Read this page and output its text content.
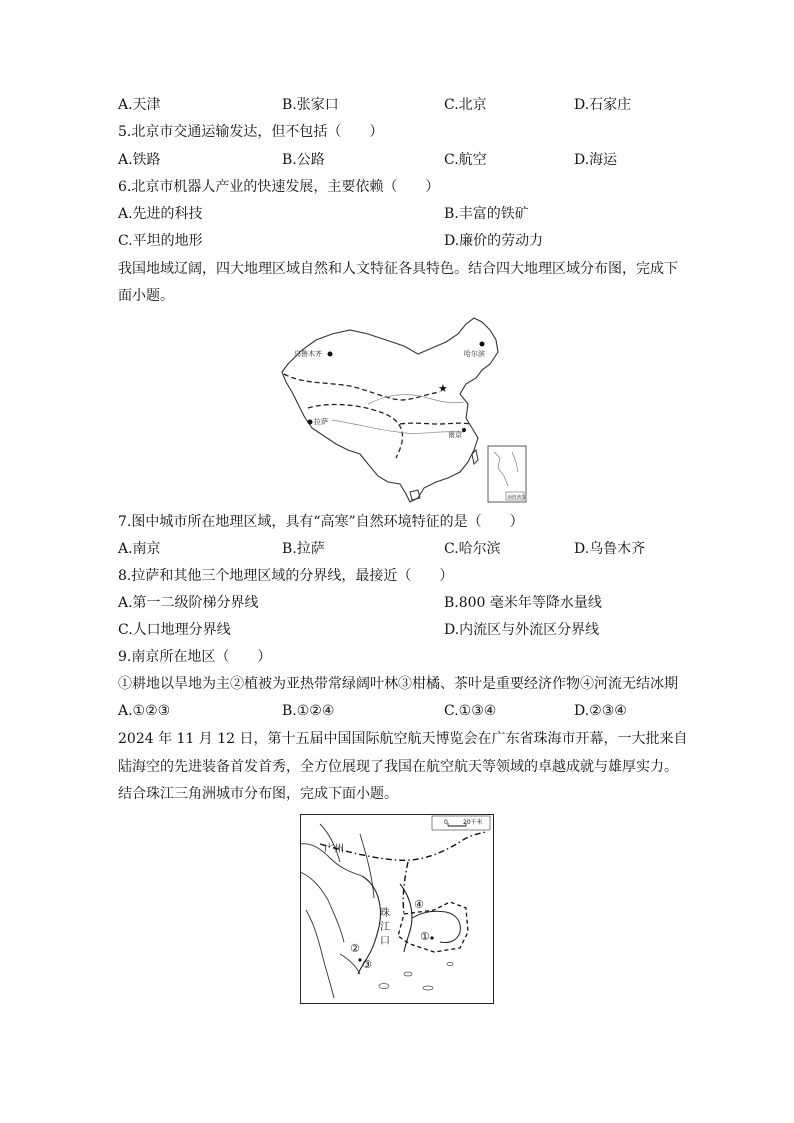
A.天津	B.张家口	C.北京	D.石家庄
5.北京市交通运输发达，但不包括（　　）
A.铁路	B.公路	C.航空	D.海运
6.北京市机器人产业的快速发展，主要依赖（　　）
A.先进的科技	B.丰富的铁矿
C.平坦的地形	D.廉价的劳动力
我国地域辽阔，四大地理区域自然和人文特征各具特色。结合四大地理区域分布图，完成下
面小题。
乌鲁木齐	哈尔滨
拉萨
南京
★
南海诸岛
7.图中城市所在地理区域，具有“高寒”自然环境特征的是（　　）
A.南京	B.拉萨	C.哈尔滨	D.乌鲁木齐
8.拉萨和其他三个地理区域的分界线，最接近（　　）
A.第一二级阶梯分界线	B.800 毫米年等降水量线
C.人口地理分界线	D.内流区与外流区分界线
9.南京所在地区（　　）
①耕地以旱地为主②植被为亚热带常绿阔叶林③柑橘、茶叶是重要经济作物④河流无结冰期
A.①②③	B.①②④	C.①③④	D.②③④
2024 年 11 月 12 日，第十五届中国国际航空航天博览会在广东省珠海市开幕，一大批来自
陆海空的先进装备首发首秀，全方位展现了我国在航空航天等领域的卓越成就与雄厚实力。
结合珠江三角洲城市分布图，完成下面小题。
0	20千米
广州
珠
江
口
④
①
②
③
